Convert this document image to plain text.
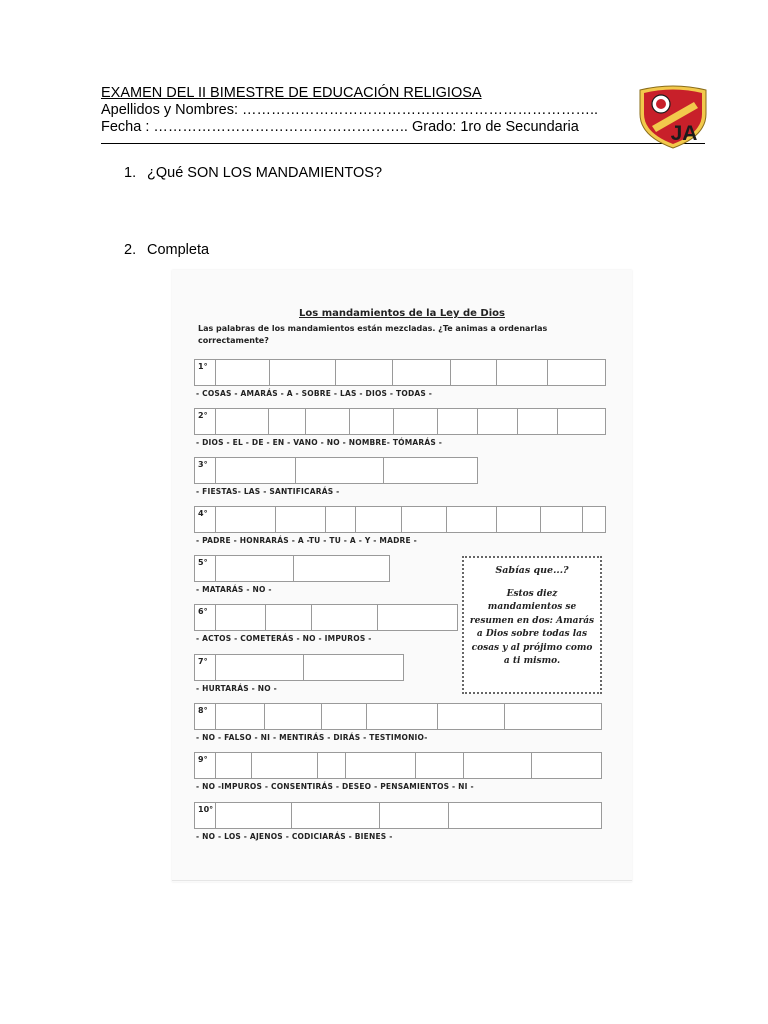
EXAMEN DEL II BIMESTRE DE EDUCACIÓN RELIGIOSA
Apellidos y Nombres: ………………………………………………………………..
Fecha : …………………………………………….. Grado: 1ro de Secundaria	JA
1. ¿Qué SON LOS MANDAMIENTOS?
2. Completa
Los mandamientos de la Ley de Dios
Las palabras de los mandamientos están mezcladas. ¿Te animas a ordenarlas correctamente?
1°
- COSAS - AMARÁS - A - SOBRE - LAS - DIOS - TODAS -
2°
- DIOS - EL - DE - EN - VANO - NO - NOMBRE- TÓMARÁS -
3°
- FIESTAS- LAS - SANTIFICARÁS -
4°
- PADRE - HONRARÁS - A -TU - TU - A - Y - MADRE -
5°
- MATARÁS - NO -
6°
- ACTOS - COMETERÁS - NO - IMPUROS -
7°
- HURTARÁS - NO -
8°
- NO - FALSO - NI - MENTIRÁS - DIRÁS - TESTIMONIO-
9°
- NO -IMPUROS - CONSENTIRÁS - DESEO - PENSAMIENTOS - NI -
10°
- NO - LOS - AJENOS - CODICIARÁS - BIENES -
Sabías que...?
Estos diez mandamientos se resumen en dos: Amarás a Dios sobre todas las cosas y al prójimo como a ti mismo.
